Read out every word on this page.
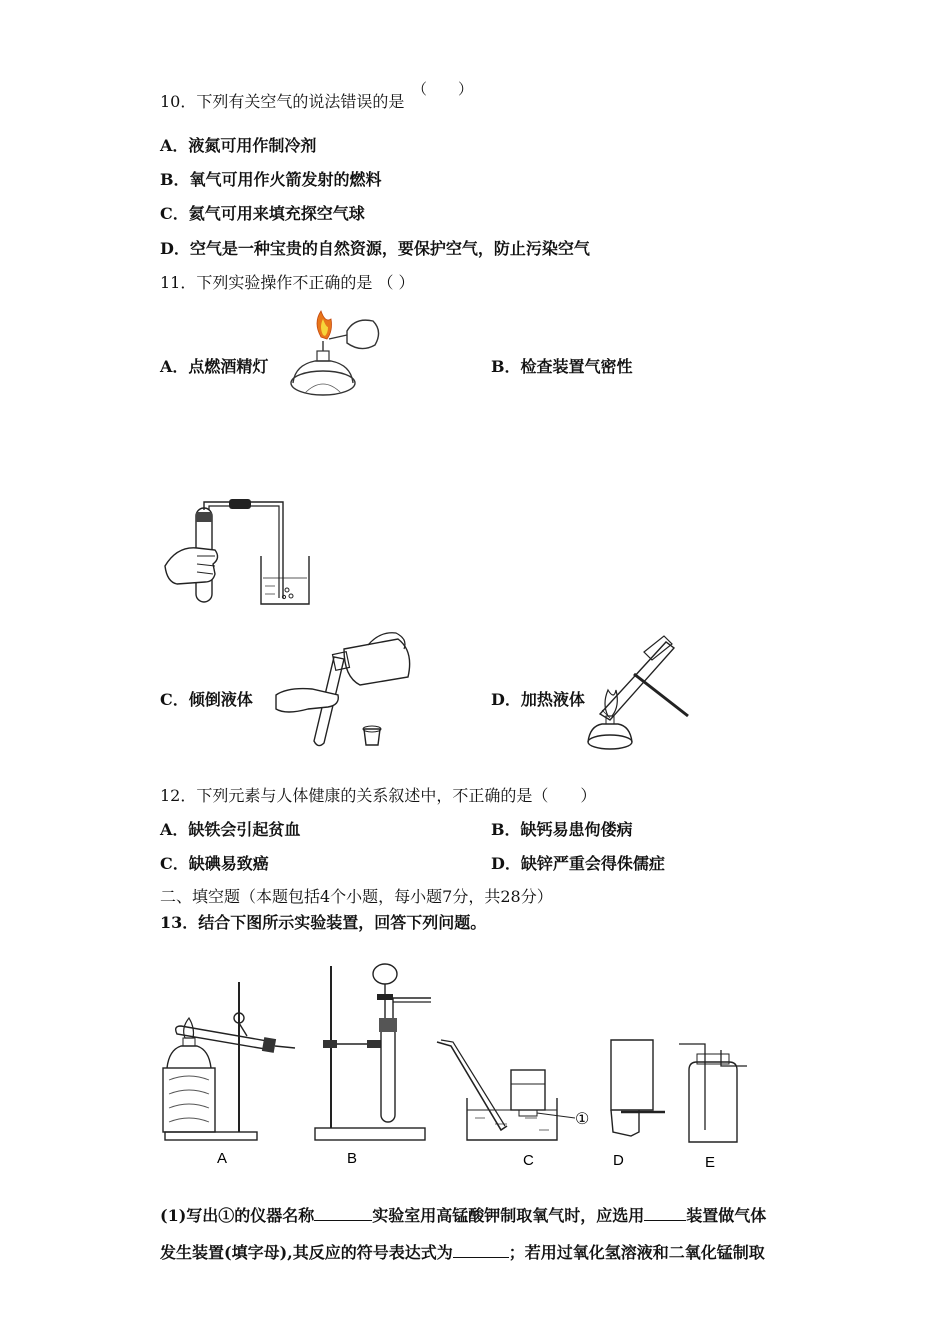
10．下列有关空气的说法错误的是
（ ）
A．液氮可用作制冷剂
B．氧气可用作火箭发射的燃料
C．氦气可用来填充探空气球
D．空气是一种宝贵的自然资源，要保护空气，防止污染空气
11．下列实验操作不正确的是 （ ）
A．点燃酒精灯	B．检查装置气密性
C．倾倒液体	D．加热液体
12．下列元素与人体健康的关系叙述中，不正确的是（　　）
A．缺铁会引起贫血	B．缺钙易患佝偻病
C．缺碘易致癌	D．缺锌严重会得侏儒症
二、填空题（本题包括4个小题，每小题7分，共28分）
13．结合下图所示实验装置，回答下列问题。
①
A	B	C	D	E
(1)写出①的仪器名称	实验室用高锰酸钾制取氧气时，应选用	装置做气体
发生装置(填字母),其反应的符号表达式为	；若用过氧化氢溶液和二氧化锰制取
